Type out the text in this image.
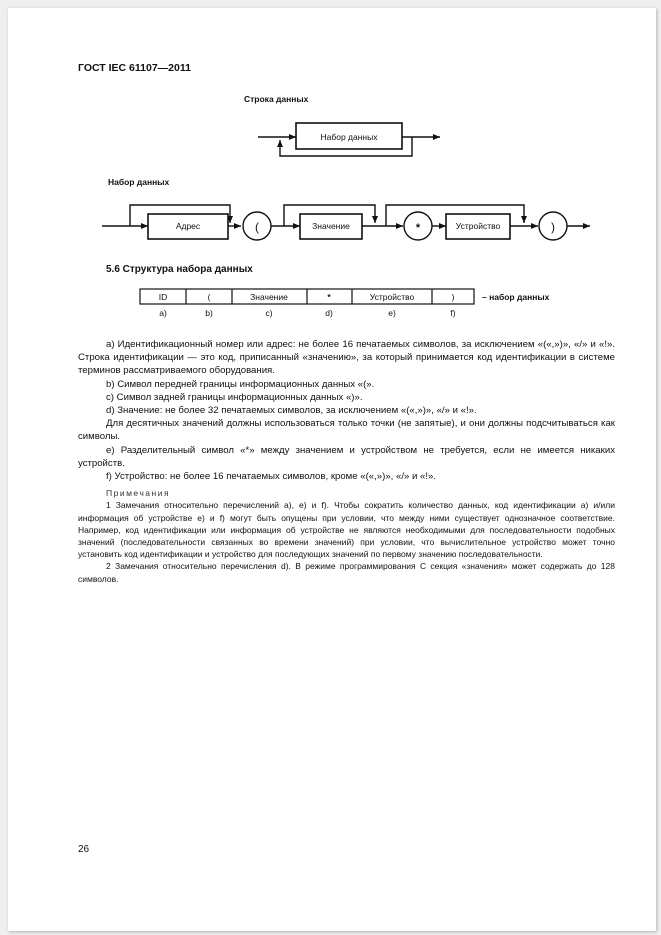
ГОСТ IEC 61107—2011
Строка данных
Набор данных
Адрес	(	Значение	*	Устройство	)
Набор данных
5.6 Структура набора данных
ID	(	Значение	*	Устройство	)
a)	b)	c)	d)	e)	f)
– набор данных

a) Идентификационный номер или адрес: не более 16 печатаемых символов, за исключением «(«,»)», «/» и «!». Строка идентификации — это код, приписанный «значению», за который принимается код идентификации в системе терминов рассматриваемого оборудования.

b) Символ передней границы информационных данных «(».

c) Символ задней границы информационных данных «)».

d) Значение: не более 32 печатаемых символов, за исключением «(«,»)», «/» и «!».

Для десятичных значений должны использоваться только точки (не запятые), и они должны подсчитываться как символы.

e) Разделительный символ «*» между значением и устройством не требуется, если не имеется никаких устройств.

f) Устройство: не более 16 печатаемых символов, кроме «(«,»)», «/» и «!».

Примечания

1 Замечания относительно перечислений а), е) и f). Чтобы сократить количество данных, код идентификации а) и/или информация об устройстве е) и f) могут быть опущены при условии, что между ними существует однозначное соответствие. Например, код идентификации или информация об устройстве не являются необходимыми для последовательности подобных значений (последовательности связанных во времени значений) при условии, что вычислительное устройство может точно установить код идентификации и устройство для последующих значений по первому значению последовательности.

2 Замечания относительно перечисления d). В режиме программирования С секция «значения» может содержать до 128 символов.

26
